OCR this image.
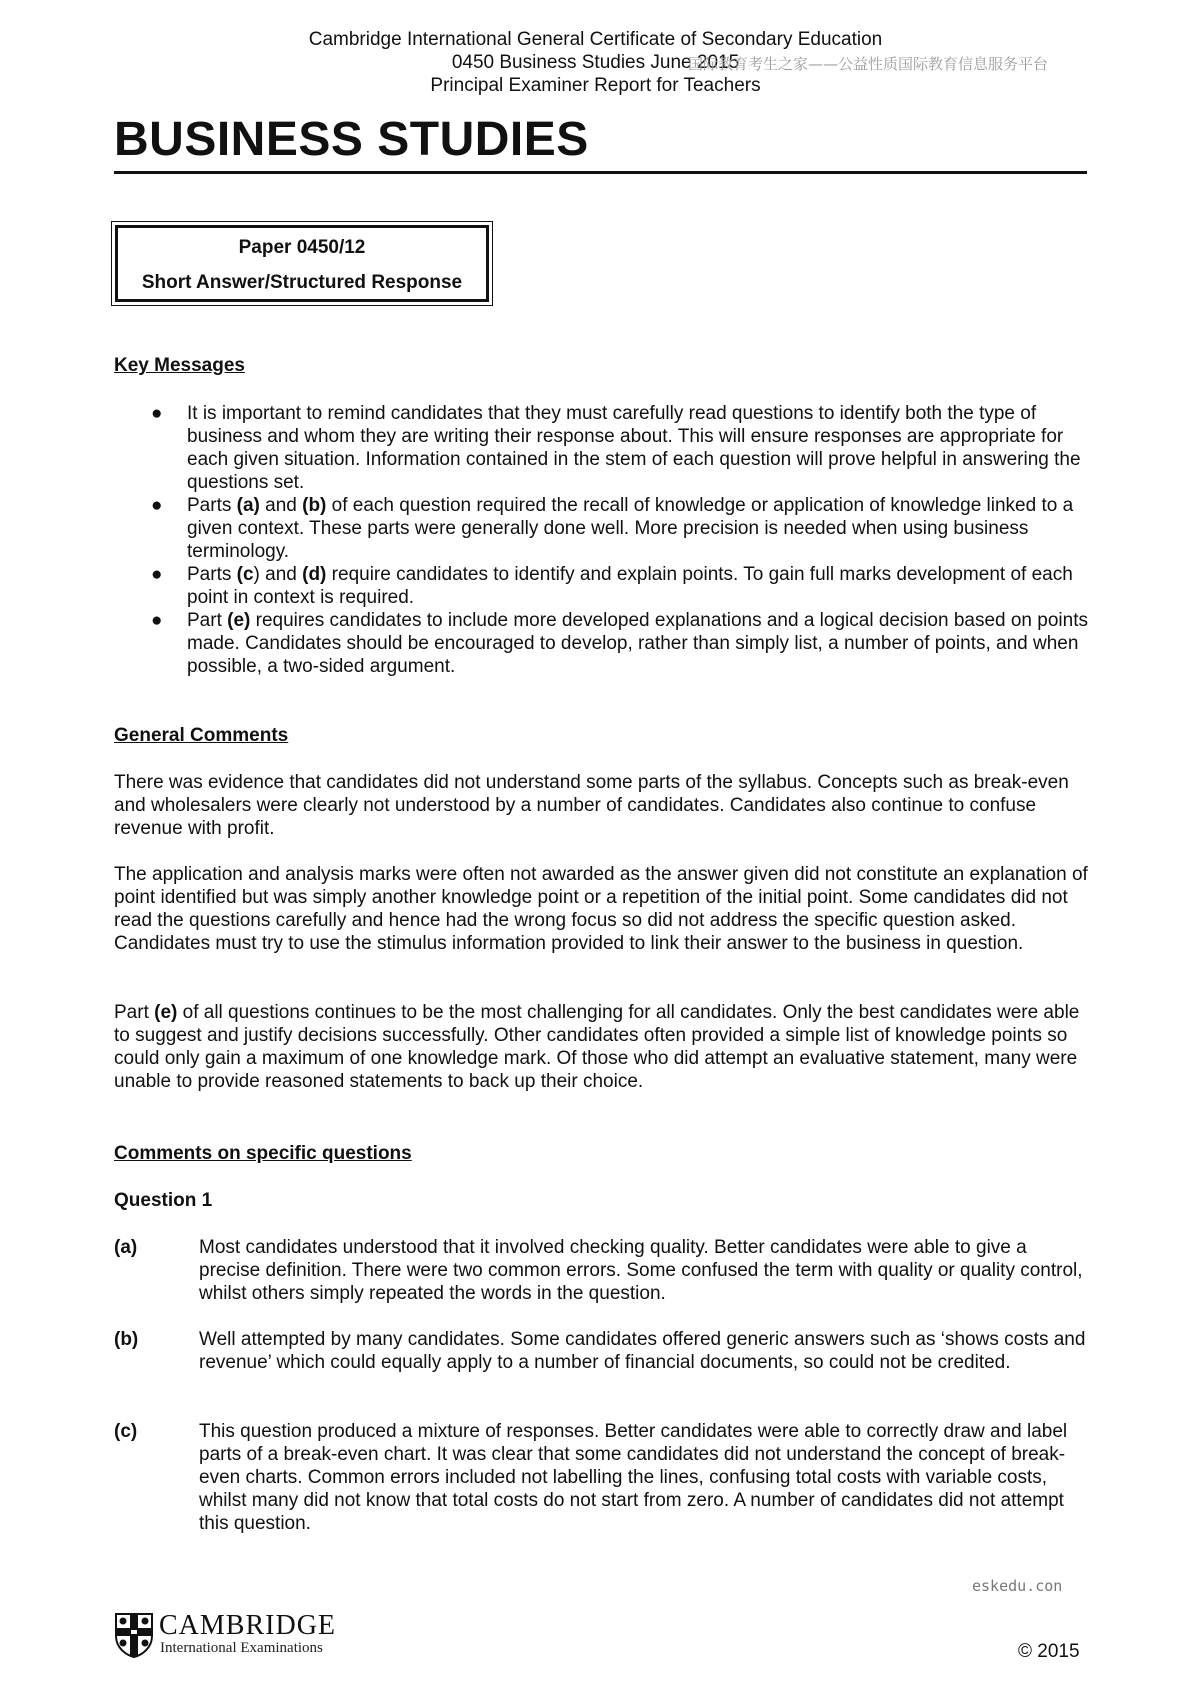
Cambridge International General Certificate of Secondary Education
0450 Business Studies June 2015
Principal Examiner Report for Teachers
国际教育考生之家——公益性质国际教育信息服务平台
BUSINESS STUDIES
Paper 0450/12
Short Answer/Structured Response
Key Messages
● It is important to remind candidates that they must carefully read questions to identify both the type of business and whom they are writing their response about. This will ensure responses are appropriate for each given situation. Information contained in the stem of each question will prove helpful in answering the questions set.
● Parts (a) and (b) of each question required the recall of knowledge or application of knowledge linked to a given context. These parts were generally done well. More precision is needed when using business terminology.
● Parts (c) and (d) require candidates to identify and explain points. To gain full marks development of each point in context is required.
● Part (e) requires candidates to include more developed explanations and a logical decision based on points made. Candidates should be encouraged to develop, rather than simply list, a number of points, and when possible, a two-sided argument.
General Comments

There was evidence that candidates did not understand some parts of the syllabus. Concepts such as break-even and wholesalers were clearly not understood by a number of candidates. Candidates also continue to confuse revenue with profit.

The application and analysis marks were often not awarded as the answer given did not constitute an explanation of point identified but was simply another knowledge point or a repetition of the initial point. Some candidates did not read the questions carefully and hence had the wrong focus so did not address the specific question asked. Candidates must try to use the stimulus information provided to link their answer to the business in question.

Part (e) of all questions continues to be the most challenging for all candidates. Only the best candidates were able to suggest and justify decisions successfully. Other candidates often provided a simple list of knowledge points so could only gain a maximum of one knowledge mark. Of those who did attempt an evaluative statement, many were unable to provide reasoned statements to back up their choice.

Comments on specific questions
Question 1
(a)	Most candidates understood that it involved checking quality. Better candidates were able to give a precise definition. There were two common errors. Some confused the term with quality or quality control, whilst others simply repeated the words in the question.
(b)	Well attempted by many candidates. Some candidates offered generic answers such as ‘shows costs and revenue’ which could equally apply to a number of financial documents, so could not be credited.
(c)	This question produced a mixture of responses. Better candidates were able to correctly draw and label parts of a break-even chart. It was clear that some candidates did not understand the concept of break-even charts. Common errors included not labelling the lines, confusing total costs with variable costs, whilst many did not know that total costs do not start from zero. A number of candidates did not attempt this question.
eskedu.con
CAMBRIDGE
International Examinations	© 2015
